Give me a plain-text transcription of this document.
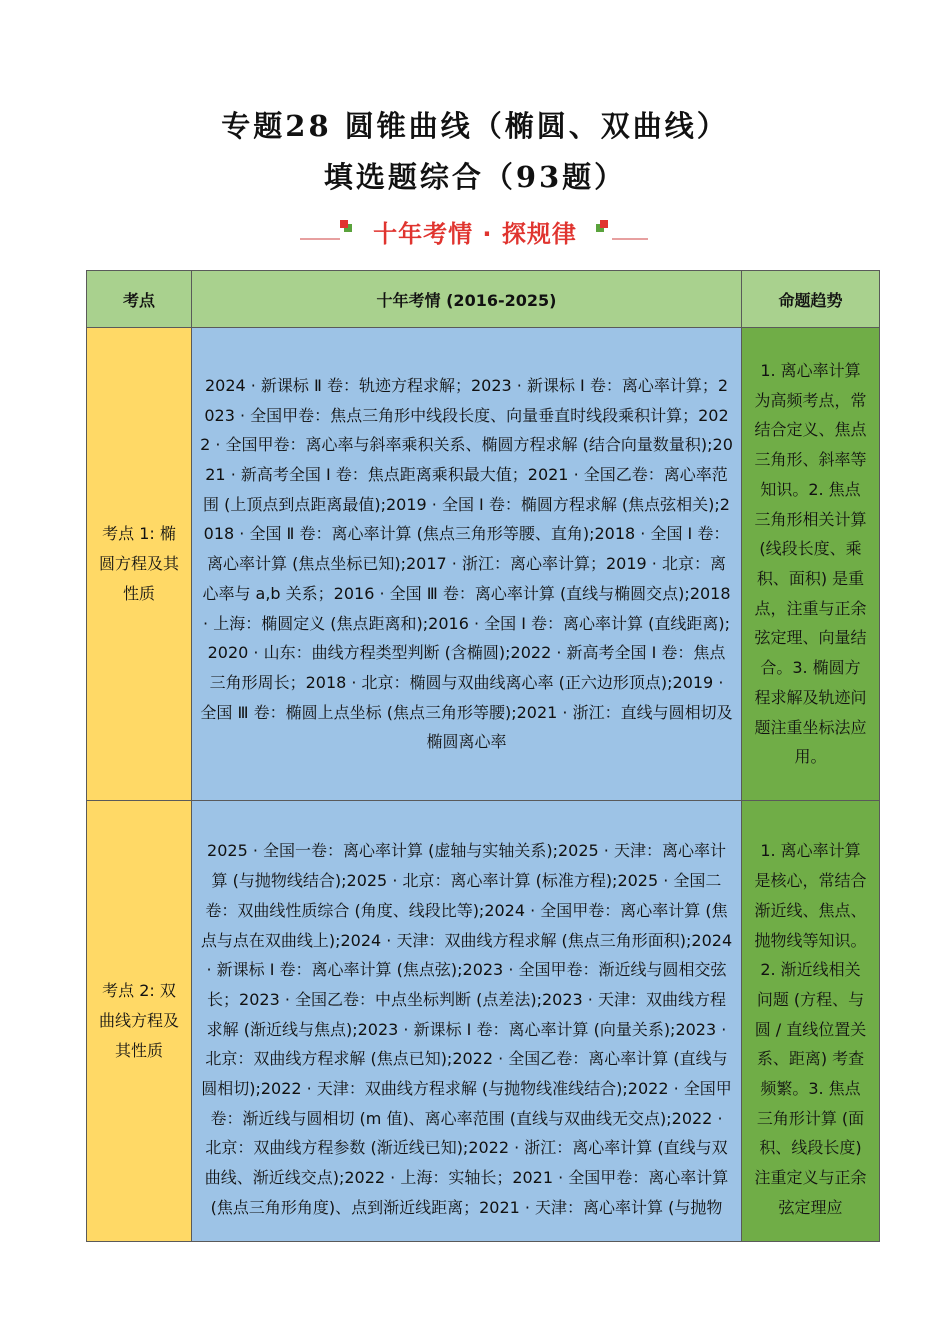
专题28 圆锥曲线（椭圆、双曲线）
填选题综合（93题）
十年考情 · 探规律
考点	十年考情 (2016-2025)	命题趋势

考点 1: 椭圆方程及其性质	2024 · 新课标 Ⅱ 卷：轨迹方程求解；2023 · 新课标 Ⅰ 卷：离心率计算；2023 · 全国甲卷：焦点三角形中线段长度、向量垂直时线段乘积计算；2022 · 全国甲卷：离心率与斜率乘积关系、椭圆方程求解 (结合向量数量积);2021 · 新高考全国 Ⅰ 卷：焦点距离乘积最大值；2021 · 全国乙卷：离心率范围 (上顶点到点距离最值);2019 · 全国 Ⅰ 卷：椭圆方程求解 (焦点弦相关);2018 · 全国 Ⅱ 卷：离心率计算 (焦点三角形等腰、直角);2018 · 全国 Ⅰ 卷：离心率计算 (焦点坐标已知);2017 · 浙江：离心率计算；2019 · 北京：离心率与 a,b 关系；2016 · 全国 Ⅲ 卷：离心率计算 (直线与椭圆交点);2018 · 上海：椭圆定义 (焦点距离和);2016 · 全国 Ⅰ 卷：离心率计算 (直线距离);2020 · 山东：曲线方程类型判断 (含椭圆);2022 · 新高考全国 Ⅰ 卷：焦点三角形周长；2018 · 北京：椭圆与双曲线离心率 (正六边形顶点);2019 · 全国 Ⅲ 卷：椭圆上点坐标 (焦点三角形等腰);2021 · 浙江：直线与圆相切及椭圆离心率	1. 离心率计算为高频考点，常结合定义、焦点三角形、斜率等知识。2. 焦点三角形相关计算 (线段长度、乘积、面积) 是重点，注重与正余弦定理、向量结合。3. 椭圆方程求解及轨迹问题注重坐标法应用。

考点 2: 双曲线方程及其性质	2025 · 全国一卷：离心率计算 (虚轴与实轴关系);2025 · 天津：离心率计算 (与抛物线结合);2025 · 北京：离心率计算 (标准方程);2025 · 全国二卷：双曲线性质综合 (角度、线段比等);2024 · 全国甲卷：离心率计算 (焦点与点在双曲线上);2024 · 天津：双曲线方程求解 (焦点三角形面积);2024 · 新课标 Ⅰ 卷：离心率计算 (焦点弦);2023 · 全国甲卷：渐近线与圆相交弦长；2023 · 全国乙卷：中点坐标判断 (点差法);2023 · 天津：双曲线方程求解 (渐近线与焦点);2023 · 新课标 Ⅰ 卷：离心率计算 (向量关系);2023 · 北京：双曲线方程求解 (焦点已知);2022 · 全国乙卷：离心率计算 (直线与圆相切);2022 · 天津：双曲线方程求解 (与抛物线准线结合);2022 · 全国甲卷：渐近线与圆相切 (m 值)、离心率范围 (直线与双曲线无交点);2022 · 北京：双曲线方程参数 (渐近线已知);2022 · 浙江：离心率计算 (直线与双曲线、渐近线交点);2022 · 上海：实轴长；2021 · 全国甲卷：离心率计算 (焦点三角形角度)、点到渐近线距离；2021 · 天津：离心率计算 (与抛物	1. 离心率计算是核心，常结合渐近线、焦点、抛物线等知识。2. 渐近线相关问题 (方程、与圆 / 直线位置关系、距离) 考查频繁。3. 焦点三角形计算 (面积、线段长度) 注重定义与正余弦定理应
